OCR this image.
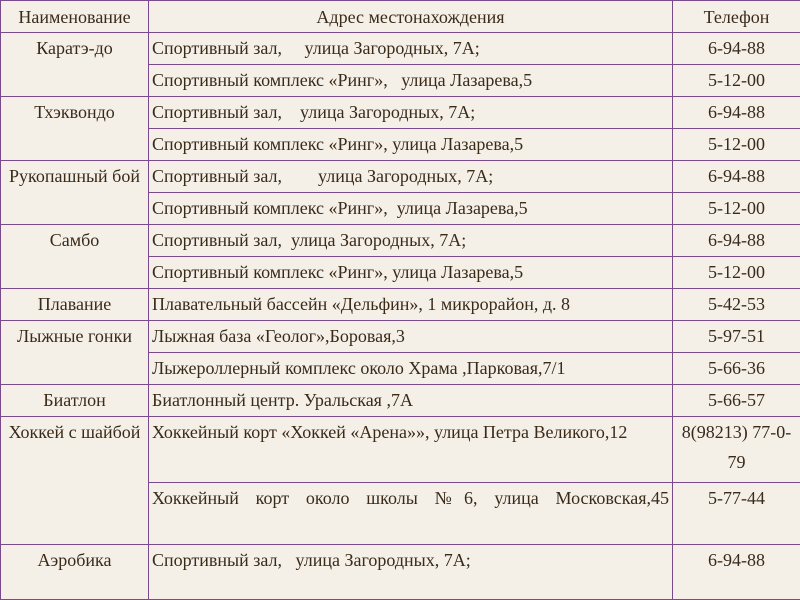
Наименование	Адрес местонахождения	Телефон
Каратэ-до	Спортивный зал,     улица Загородных, 7А;	6-94-88
	Спортивный комплекс «Ринг»,   улица Лазарева,5	5-12-00
Тхэквондо	Спортивный зал,    улица Загородных, 7А;	6-94-88
	Спортивный комплекс «Ринг», улица Лазарева,5	5-12-00
Рукопашный бой	Спортивный зал,        улица Загородных, 7А;	6-94-88
	Спортивный комплекс «Ринг»,  улица Лазарева,5	5-12-00
Самбо	Спортивный зал,  улица Загородных, 7А;	6-94-88
	Спортивный комплекс «Ринг», улица Лазарева,5	5-12-00
Плавание	Плавательный бассейн «Дельфин», 1 микрорайон, д. 8	5-42-53
Лыжные гонки	Лыжная база «Геолог»,Боровая,3	5-97-51
	Лыжероллерный комплекс около Храма ,Парковая,7/1	5-66-36
Биатлон	Биатлонный центр. Уральская ,7А	5-66-57
Хоккей с шайбой	Хоккейный корт «Хоккей «Арена»», улица Петра Великого,12	8(98213) 77-0-79
	Хоккейный корт около школы №6, улица Московская,45	5-77-44
Аэробика	Спортивный зал,   улица Загородных, 7А;	6-94-88
